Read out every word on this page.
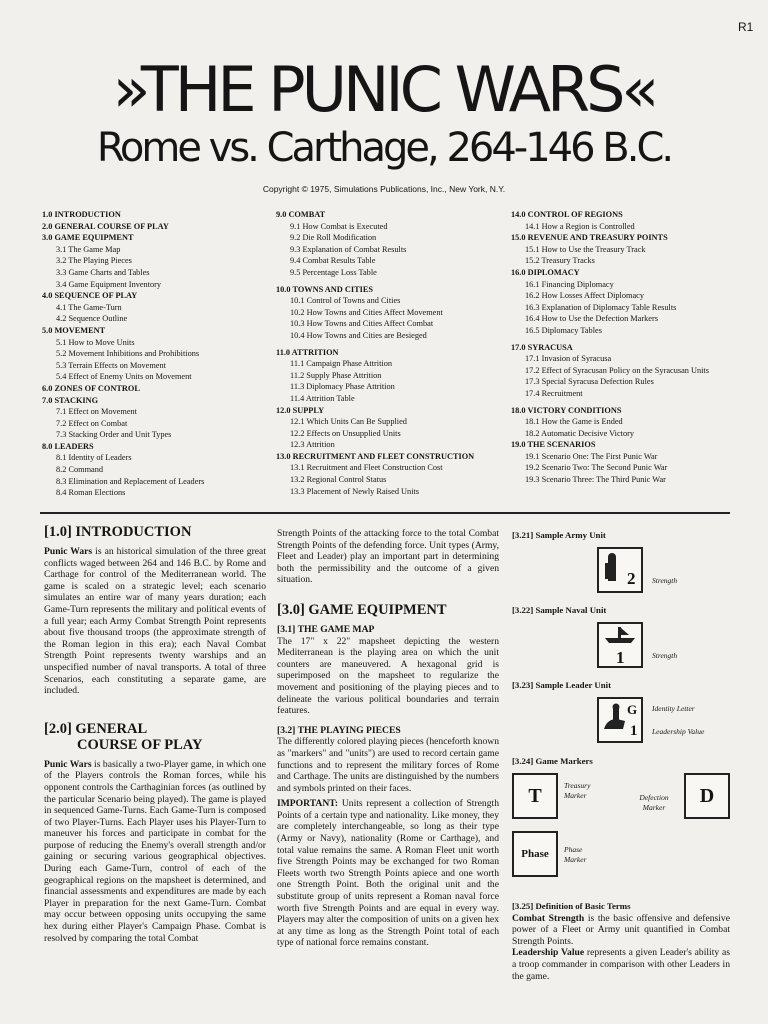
R1
»THE PUNIC WARS«
Rome vs. Carthage, 264-146 B.C.
Copyright © 1975, Simulations Publications, Inc., New York, N.Y.
1.0 INTRODUCTION
2.0 GENERAL COURSE OF PLAY
3.0 GAME EQUIPMENT
3.1 The Game Map
3.2 The Playing Pieces
3.3 Game Charts and Tables
3.4 Game Equipment Inventory
4.0 SEQUENCE OF PLAY
4.1 The Game-Turn
4.2 Sequence Outline
5.0 MOVEMENT
5.1 How to Move Units
5.2 Movement Inhibitions and Prohibitions
5.3 Terrain Effects on Movement
5.4 Effect of Enemy Units on Movement
6.0 ZONES OF CONTROL
7.0 STACKING
7.1 Effect on Movement
7.2 Effect on Combat
7.3 Stacking Order and Unit Types
8.0 LEADERS
8.1 Identity of Leaders
8.2 Command
8.3 Elimination and Replacement of Leaders
8.4 Roman Elections
9.0 COMBAT
9.1 How Combat is Executed
9.2 Die Roll Modification
9.3 Explanation of Combat Results
9.4 Combat Results Table
9.5 Percentage Loss Table
10.0 TOWNS AND CITIES
10.1 Control of Towns and Cities
10.2 How Towns and Cities Affect Movement
10.3 How Towns and Cities Affect Combat
10.4 How Towns and Cities are Besieged
11.0 ATTRITION
11.1 Campaign Phase Attrition
11.2 Supply Phase Attrition
11.3 Diplomacy Phase Attrition
11.4 Attrition Table
12.0 SUPPLY
12.1 Which Units Can Be Supplied
12.2 Effects on Unsupplied Units
12.3 Attrition
13.0 RECRUITMENT AND FLEET CONSTRUCTION
13.1 Recruitment and Fleet Construction Cost
13.2 Regional Control Status
13.3 Placement of Newly Raised Units
14.0 CONTROL OF REGIONS
14.1 How a Region is Controlled
15.0 REVENUE AND TREASURY POINTS
15.1 How to Use the Treasury Track
15.2 Treasury Tracks
16.0 DIPLOMACY
16.1 Financing Diplomacy
16.2 How Losses Affect Diplomacy
16.3 Explanation of Diplomacy Table Results
16.4 How to Use the Defection Markers
16.5 Diplomacy Tables
17.0 SYRACUSA
17.1 Invasion of Syracusa
17.2 Effect of Syracusan Policy on the Syracusan Units
17.3 Special Syracusa Defection Rules
17.4 Recruitment
18.0 VICTORY CONDITIONS
18.1 How the Game is Ended
18.2 Automatic Decisive Victory
19.0 THE SCENARIOS
19.1 Scenario One: The First Punic War
19.2 Scenario Two: The Second Punic War
19.3 Scenario Three: The Third Punic War
[1.0] INTRODUCTION

Punic Wars is an historical simulation of the three great conflicts waged between 264 and 146 B.C. by Rome and Carthage for control of the Mediterranean world. The game is scaled on a strategic level; each scenario simulates an entire war of many years duration; each Game-Turn represents the military and political events of a full year; each Army Combat Strength Point represents about five thousand troops (the approximate strength of the Roman legion in this era); each Naval Combat Strength Point represents twenty warships and an unspecified number of naval transports. A total of three Scenarios, each constituting a separate game, are included.

[2.0] GENERAL
COURSE OF PLAY

Punic Wars is basically a two-Player game, in which one of the Players controls the Roman forces, while his opponent controls the Carthaginian forces (as outlined by the particular Scenario being played). The game is played in sequenced Game-Turns. Each Game-Turn is composed of two Player-Turns. Each Player uses his Player-Turn to maneuver his forces and participate in combat for the purpose of reducing the Enemy's overall strength and/or gaining or securing various geographical objectives. During each Game-Turn, control of each of the geographical regions on the mapsheet is determined, and financial assessments and expenditures are made by each Player in preparation for the next Game-Turn. Combat may occur between opposing units occupying the same hex during either Player's Campaign Phase. Combat is resolved by comparing the total Combat

Strength Points of the attacking force to the total Combat Strength Points of the defending force. Unit types (Army, Fleet and Leader) play an important part in determining both the permissibility and the outcome of a given situation.

[3.0] GAME EQUIPMENT
[3.1] THE GAME MAP

The 17" x 22" mapsheet depicting the western Mediterranean is the playing area on which the unit counters are maneuvered. A hexagonal grid is superimposed on the mapsheet to regularize the movement and positioning of the playing pieces and to delineate the various political boundaries and terrain features.

[3.2] THE PLAYING PIECES

The differently colored playing pieces (henceforth known as "markers" and "units") are used to record certain game functions and to represent the military forces of Rome and Carthage. The units are distinguished by the numbers and symbols printed on their faces.

IMPORTANT: Units represent a collection of Strength Points of a certain type and nationality. Like money, they are completely interchangeable, so long as their type (Army or Navy), nationality (Rome or Carthage), and total value remains the same. A Roman Fleet unit worth five Strength Points may be exchanged for two Roman Fleets worth two Strength Points apiece and one worth one Strength Point. Both the original unit and the substitute group of units represent a Roman naval force worth five Strength Points and are equal in every way. Players may alter the composition of units on a given hex at any time as long as the Strength Point total of each type of national force remains constant.

[3.21] Sample Army Unit
2 Strength
[3.22] Sample Naval Unit
1	Strength
[3.23] Sample Leader Unit
G
1
Identity Letter
Leadership Value
[3.24] Game Markers
T	Treasury
Marker	D
Defection
Marker
Phase	Phase
Marker
[3.25] Definition of Basic Terms

Combat Strength is the basic offensive and defensive power of a Fleet or Army unit quantified in Combat Strength Points.

Leadership Value represents a given Leader's ability as a troop commander in comparison with other Leaders in the game.
